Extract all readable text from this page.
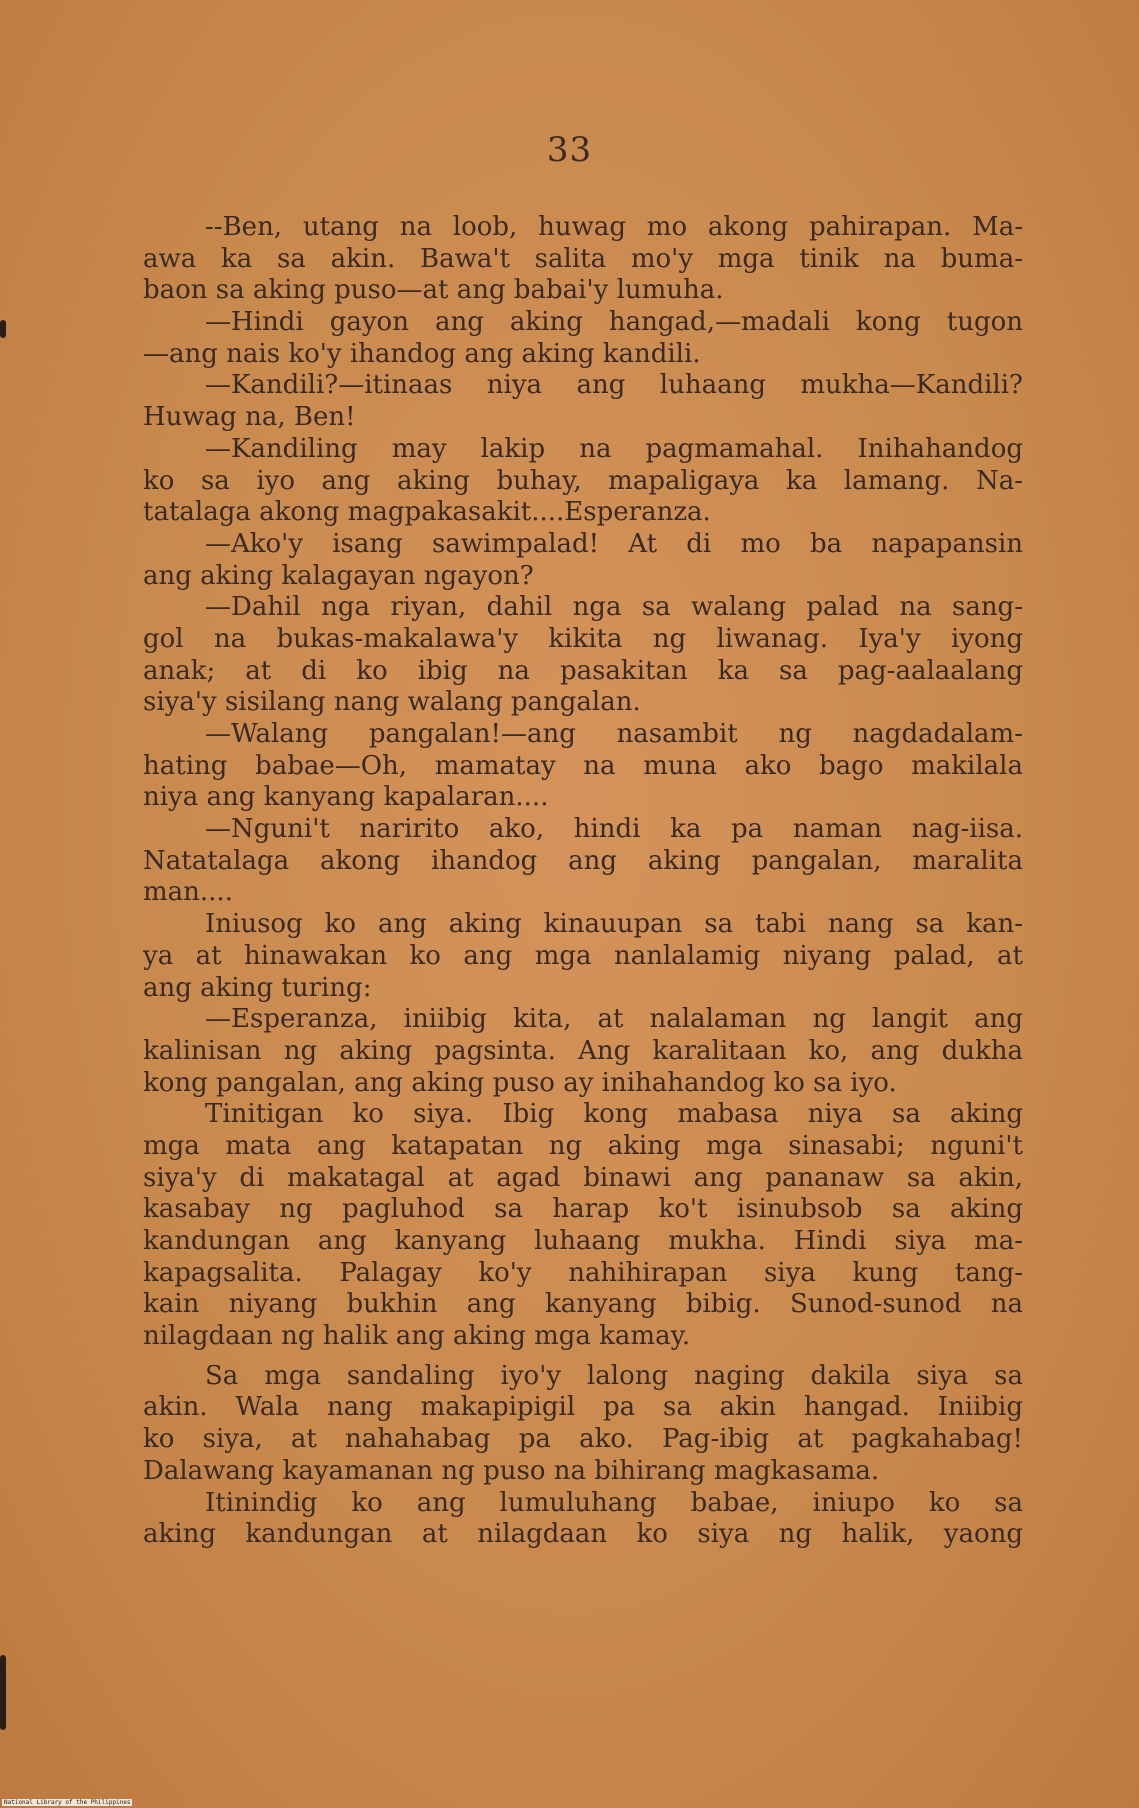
33
--Ben, utang na loob, huwag mo akong pahirapan. Ma-
awa ka sa akin. Bawa't salita mo'y mga tinik na buma-
baon sa aking puso—at ang babai'y lumuha.
—Hindi gayon ang aking hangad,—madali kong tugon
—ang nais ko'y ihandog ang aking kandili.
—Kandili?—itinaas niya ang luhaang mukha—Kandili?
Huwag na, Ben!
—Kandiling may lakip na pagmamahal. Inihahandog
ko sa iyo ang aking buhay, mapaligaya ka lamang. Na-
tatalaga akong magpakasakit....Esperanza.
—Ako'y isang sawimpalad! At di mo ba napapansin
ang aking kalagayan ngayon?
—Dahil nga riyan, dahil nga sa walang palad na sang-
gol na bukas-makalawa'y kikita ng liwanag. Iya'y iyong
anak; at di ko ibig na pasakitan ka sa pag-aalaalang
siya'y sisilang nang walang pangalan.
—Walang pangalan!—ang nasambit ng nagdadalam-
hating babae—Oh, mamatay na muna ako bago makilala
niya ang kanyang kapalaran....
—Nguni't naririto ako, hindi ka pa naman nag-iisa.
Natatalaga akong ihandog ang aking pangalan, maralita
man....
Iniusog ko ang aking kinauupan sa tabi nang sa kan-
ya at hinawakan ko ang mga nanlalamig niyang palad, at
ang aking turing:
—Esperanza, iniibig kita, at nalalaman ng langit ang
kalinisan ng aking pagsinta. Ang karalitaan ko, ang dukha
kong pangalan, ang aking puso ay inihahandog ko sa iyo.
Tinitigan ko siya. Ibig kong mabasa niya sa aking
mga mata ang katapatan ng aking mga sinasabi; nguni't
siya'y di makatagal at agad binawi ang pananaw sa akin,
kasabay ng pagluhod sa harap ko't isinubsob sa aking
kandungan ang kanyang luhaang mukha. Hindi siya ma-
kapagsalita. Palagay ko'y nahihirapan siya kung tang-
kain niyang bukhin ang kanyang bibig. Sunod-sunod na
nilagdaan ng halik ang aking mga kamay.
Sa mga sandaling iyo'y lalong naging dakila siya sa
akin. Wala nang makapipigil pa sa akin hangad. Iniibig
ko siya, at nahahabag pa ako. Pag-ibig at pagkahabag!
Dalawang kayamanan ng puso na bihirang magkasama.
Itinindig ko ang lumuluhang babae, iniupo ko sa
aking kandungan at nilagdaan ko siya ng halik, yaong
National Library of the Philippines
